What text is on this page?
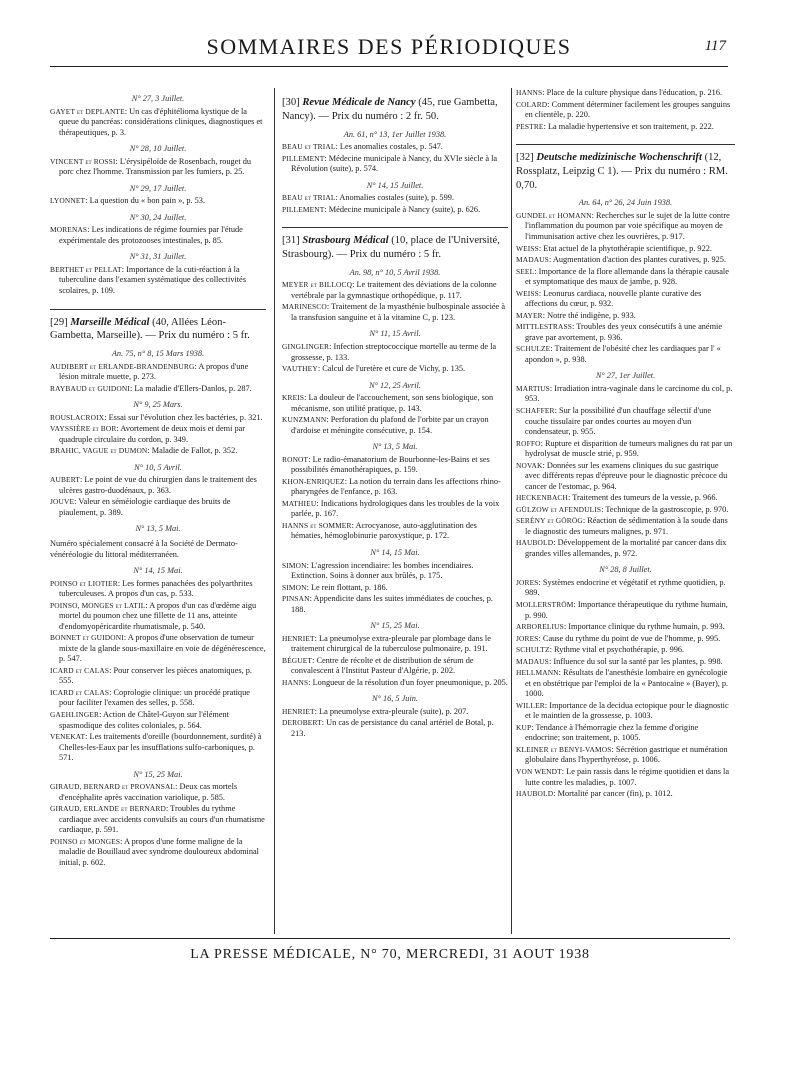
SOMMAIRES DES PÉRIODIQUES	117
N° 27, 3 Juillet.
GAYET et DEPLANTE: Un cas d'éphitélioma kystique de la queue du pancréas: considérations cliniques, diagnostiques et thérapeutiques, p. 3.
N° 28, 10 Juillet.
VINCENT et ROSSI: L'érysipéloïde de Rosenbach, rouget du porc chez l'homme. Transmission par les fumiers, p. 25.
N° 29, 17 Juillet.
LYONNET: La question du « bon pain », p. 53.
N° 30, 24 Juillet.
MORENAS: Les indications de régime fournies par l'étude expérimentale des protozooses intestinales, p. 85.
N° 31, 31 Juillet.
BERTHET et PELLAT: Importance de la cuti-réaction à la tuberculine dans l'examen systématique des collectivités scolaires, p. 109.
[29] Marseille Médical (40, Allées Léon-Gambetta, Marseille). — Prix du numéro : 5 fr.
An. 75, n° 8, 15 Mars 1938.
AUDIBERT et ERLANDE-BRANDENBURG: A propos d'une lésion mitrale muette, p. 273.
RAYBAUD et GUIDONI: La maladie d'Ellers-Danlos, p. 287.
N° 9, 25 Mars.
ROUSLACROIX: Essai sur l'évolution chez les bactéries, p. 321.
VAYSSIÈRE et BOR: Avortement de deux mois et demi par quadruple circulaire du cordon, p. 349.
BRAHIC, VAGUE et DUMON: Maladie de Fallot, p. 352.
N° 10, 5 Avril.
AUBERT: Le point de vue du chirurgien dans le traitement des ulcères gastro-duodénaux, p. 363.
JOUVE: Valeur en séméiologie cardiaque des bruits de piaulement, p. 389.
N° 13, 5 Mai.
Numéro spécialement consacré à la Société de Dermato-vénéréologie du littoral méditerranéen.
N° 14, 15 Mai.
POINSO et LIOTIER: Les formes panachées des polyarthrites tuberculeuses. A propos d'un cas, p. 533.
POINSO, MONGES et LATIL: A propos d'un cas d'œdème aigu mortel du poumon chez une fillette de 11 ans, atteinte d'endomyopéricardite rhumatismale, p. 540.
BONNET et GUIDONI: A propos d'une observation de tumeur mixte de la glande sous-maxillaire en voie de dégénérescence, p. 547.
ICARD et CALAS: Pour conserver les pièces anatomiques, p. 555.
ICARD et CALAS: Coprologie clinique: un procédé pratique pour faciliter l'examen des selles, p. 558.
GAEHLINGER: Action de Châtel-Guyon sur l'élément spasmodique des colites coloniales, p. 564.
VENEKAT: Les traitements d'oreille (bourdonnement, surdité) à Chelles-les-Eaux par les insufflations sulfo-carboniques, p. 571.
N° 15, 25 Mai.
GIRAUD, BERNARD et PROVANSAL: Deux cas mortels d'encéphalite après vaccination variolique, p. 585.
GIRAUD, ERLANDE et BERNARD: Troubles du rythme cardiaque avec accidents convulsifs au cours d'un rhumatisme cardiaque, p. 591.
POINSO et MONGES: A propos d'une forme maligne de la maladie de Bouillaud avec syndrome douloureux abdominal initial, p. 602.
[30] Revue Médicale de Nancy (45, rue Gambetta, Nancy). — Prix du numéro : 2 fr. 50.
An. 61, n° 13, 1er Juillet 1938.
BEAU et TRIAL: Les anomalies costales, p. 547.
PILLEMENT: Médecine municipale à Nancy, du XVIe siècle à la Révolution (suite), p. 574.
N° 14, 15 Juillet.
BEAU et TRIAL: Anomalies costales (suite), p. 599.
PILLEMENT: Médecine municipale à Nancy (suite), p. 626.
[31] Strasbourg Médical (10, place de l'Université, Strasbourg). — Prix du numéro : 5 fr.
An. 98, n° 10, 5 Avril 1938.
MEYER et BILLOCQ: Le traitement des déviations de la colonne vertébrale par la gymnastique orthopédique, p. 117.
MARINESCO: Traitement de la myasthénie bulbospinale associée à la transfusion sanguine et à la vitamine C, p. 123.
N° 11, 15 Avril.
GINGLINGER: Infection streptococcique mortelle au terme de la grossesse, p. 133.
VAUTHEY: Calcul de l'uretère et cure de Vichy, p. 135.
N° 12, 25 Avril.
KREIS: La douleur de l'accouchement, son sens biologique, son mécanisme, son utilité pratique, p. 143.
KUNZMANN: Perforation du plafond de l'orbite par un crayon d'ardoise et méningite consécutive, p. 154.
N° 13, 5 Mai.
RONOT: Le radio-émanatorium de Bourbonne-les-Bains et ses possibilités émanothérapiques, p. 159.
KHON-ENRIQUEZ: La notion du terrain dans les affections rhino-pharyngées de l'enfance, p. 163.
MATHIEU: Indications hydrologiques dans les troubles de la voix parlée, p. 167.
HANNS et SOMMER: Acrocyanose, auto-agglutination des hématies, hémoglobinurie paroxystique, p. 172.
N° 14, 15 Mai.
SIMON: L'agression incendiaire: les bombes incendiaires. Extinction. Soins à donner aux brûlés, p. 175.
SIMON: Le rein flottant, p. 186.
PINSAN: Appendicite dans les suites immédiates de couches, p. 188.
N° 15, 25 Mai.
HENRIET: La pneumolyse extra-pleurale par plombage dans le traitement chirurgical de la tuberculose pulmonaire, p. 191.
BÉGUET: Centre de récolte et de distribution de sérum de convalescent à l'Institut Pasteur d'Algérie, p. 202.
HANNS: Longueur de la résolution d'un foyer pneumonique, p. 205.
N° 16, 5 Juin.
HENRIET: La pneumolyse extra-pleurale (suite), p. 207.
DEROBERT: Un cas de persistance du canal artériel de Botal, p. 213.
HANNS: Place de la culture physique dans l'éducation, p. 216.
COLARD: Comment déterminer facilement les groupes sanguins en clientèle, p. 220.
PESTRE: La maladie hypertensive et son traitement, p. 222.
[32] Deutsche medizinische Wochenschrift (12, Rossplatz, Leipzig C 1). — Prix du numéro : RM. 0,70.
An. 64, n° 26, 24 Juin 1938.
GUNDEL et HOMANN: Recherches sur le sujet de la lutte contre l'inflammation du poumon par voie spécifique au moyen de l'immunisation active chez les ouvrières, p. 917.
WEISS: Etat actuel de la phytothérapie scientifique, p. 922.
MADAUS: Augmentation d'action des plantes curatives, p. 925.
SEEL: Importance de la flore allemande dans la thérapie causale et symptomatique des maux de jambe, p. 928.
WEISS: Leonurus cardiaca, nouvelle plante curative des affections du cœur, p. 932.
MAYER: Notre thé indigène, p. 933.
MITTLESTRASS: Troubles des yeux consécutifs à une anémie grave par avortement, p. 936.
SCHULZE: Traitement de l'obésité chez les cardiaques par l' « apondon », p. 938.
N° 27, 1er Juillet.
MARTIUS: Irradiation intra-vaginale dans le carcinome du col, p. 953.
SCHAFFER: Sur la possibilité d'un chauffage sélectif d'une couche tissulaire par ondes courtes au moyen d'un condensateur, p. 955.
ROFFO: Rupture et disparition de tumeurs malignes du rat par un hydrolysat de muscle strié, p. 959.
NOVAK: Données sur les examens cliniques du suc gastrique avec différents repas d'épreuve pour le diagnostic précoce du cancer de l'estomac, p. 964.
HECKENBACH: Traitement des tumeurs de la vessie, p. 966.
GÜLZOW et AFENDULIS: Technique de la gastroscopie, p. 970.
SERÉNY et GÖRÖG: Réaction de sédimentation à la soude dans le diagnostic des tumeurs malignes, p. 971.
HAUBOLD: Développement de la mortalité par cancer dans dix grandes villes allemandes, p. 972.
N° 28, 8 Juillet.
JORES: Systèmes endocrine et végétatif et rythme quotidien, p. 989.
MOLLERSTRÖM: Importance thérapeutique du rythme humain, p. 990.
ARBORELIUS: Importance clinique du rythme humain, p. 993.
JORES: Cause du rythme du point de vue de l'homme, p. 995.
SCHULTZ: Rythme vital et psychothérapie, p. 996.
MADAUS: Influence du sol sur la santé par les plantes, p. 998.
HELLMANN: Résultats de l'anesthésie lombaire en gynécologie et en obstétrique par l'emploi de la « Pantocaïne » (Bayer), p. 1000.
WILLER: Importance de la decidua ectopique pour le diagnostic et le maintien de la grossesse, p. 1003.
KUP: Tendance à l'hémorragie chez la femme d'origine endocrine; son traitement, p. 1005.
KLEINER et BENYI-VAMOS: Sécrétion gastrique et numération globulaire dans l'hyperthyréose, p. 1006.
VON WENDT: Le pain rassis dans le régime quotidien et dans la lutte contre les maladies, p. 1007.
HAUBOLD: Mortalité par cancer (fin), p. 1012.
LA PRESSE MÉDICALE, N° 70, MERCREDI, 31 AOUT 1938
